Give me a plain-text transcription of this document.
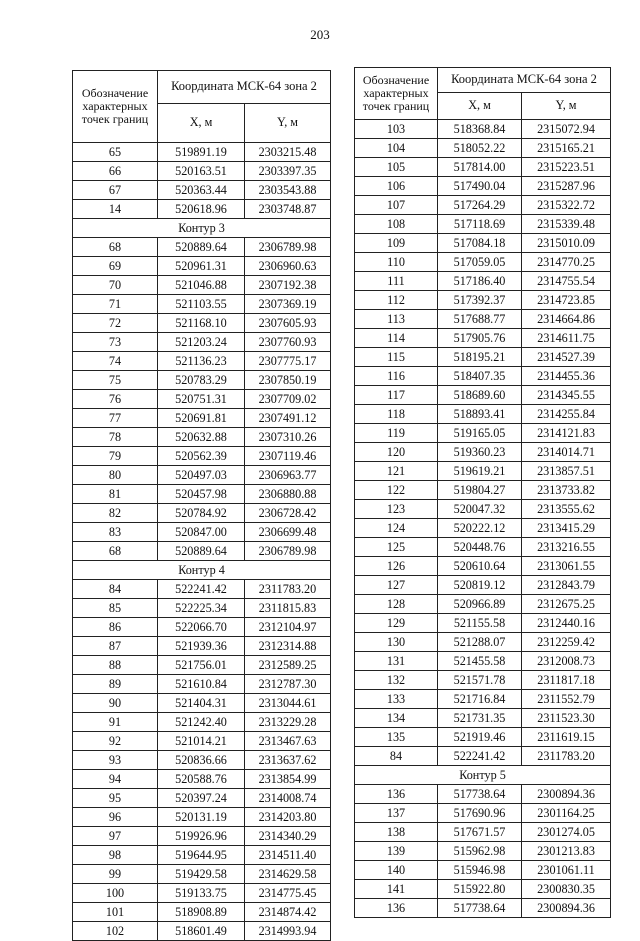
203
Обозначение характерных точек границ	Координата МСК-64 зона 2	
	X, м	Y, м
65	519891.19	2303215.48
66	520163.51	2303397.35
67	520363.44	2303543.88
14	520618.96	2303748.87
Контур 3		
68	520889.64	2306789.98
69	520961.31	2306960.63
70	521046.88	2307192.38
71	521103.55	2307369.19
72	521168.10	2307605.93
73	521203.24	2307760.93
74	521136.23	2307775.17
75	520783.29	2307850.19
76	520751.31	2307709.02
77	520691.81	2307491.12
78	520632.88	2307310.26
79	520562.39	2307119.46
80	520497.03	2306963.77
81	520457.98	2306880.88
82	520784.92	2306728.42
83	520847.00	2306699.48
68	520889.64	2306789.98
Контур 4		
84	522241.42	2311783.20
85	522225.34	2311815.83
86	522066.70	2312104.97
87	521939.36	2312314.88
88	521756.01	2312589.25
89	521610.84	2312787.30
90	521404.31	2313044.61
91	521242.40	2313229.28
92	521014.21	2313467.63
93	520836.66	2313637.62
94	520588.76	2313854.99
95	520397.24	2314008.74
96	520131.19	2314203.80
97	519926.96	2314340.29
98	519644.95	2314511.40
99	519429.58	2314629.58
100	519133.75	2314775.45
101	518908.89	2314874.42
102	518601.49	2314993.94
Обозначение характерных точек границ	Координата МСК-64 зона 2	
	X, м	Y, м
103	518368.84	2315072.94
104	518052.22	2315165.21
105	517814.00	2315223.51
106	517490.04	2315287.96
107	517264.29	2315322.72
108	517118.69	2315339.48
109	517084.18	2315010.09
110	517059.05	2314770.25
111	517186.40	2314755.54
112	517392.37	2314723.85
113	517688.77	2314664.86
114	517905.76	2314611.75
115	518195.21	2314527.39
116	518407.35	2314455.36
117	518689.60	2314345.55
118	518893.41	2314255.84
119	519165.05	2314121.83
120	519360.23	2314014.71
121	519619.21	2313857.51
122	519804.27	2313733.82
123	520047.32	2313555.62
124	520222.12	2313415.29
125	520448.76	2313216.55
126	520610.64	2313061.55
127	520819.12	2312843.79
128	520966.89	2312675.25
129	521155.58	2312440.16
130	521288.07	2312259.42
131	521455.58	2312008.73
132	521571.78	2311817.18
133	521716.84	2311552.79
134	521731.35	2311523.30
135	521919.46	2311619.15
84	522241.42	2311783.20
Контур 5		
136	517738.64	2300894.36
137	517690.96	2301164.25
138	517671.57	2301274.05
139	515962.98	2301213.83
140	515946.98	2301061.11
141	515922.80	2300830.35
136	517738.64	2300894.36
